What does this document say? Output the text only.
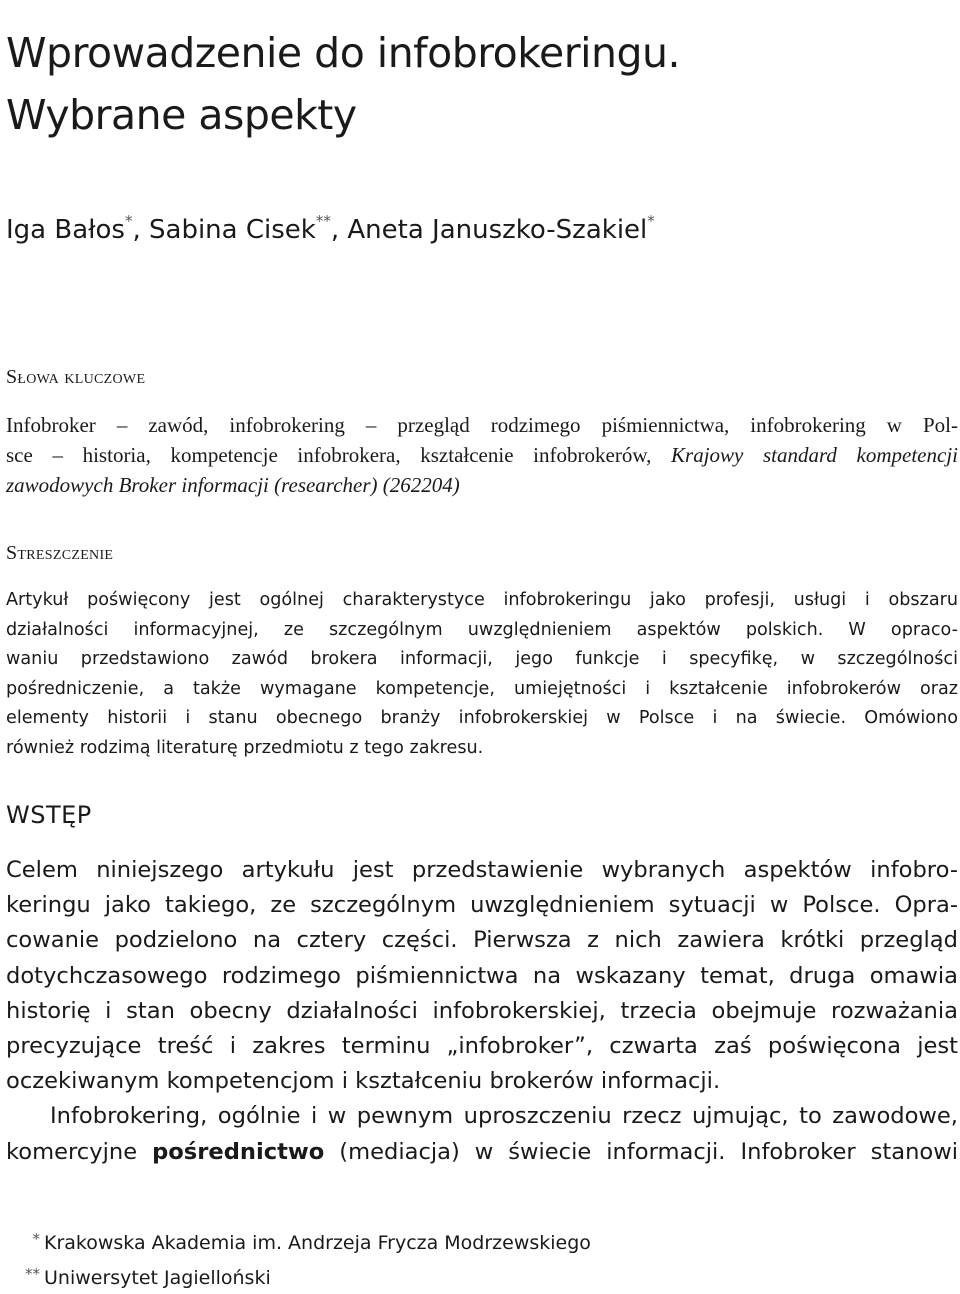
Wprowadzenie do infobrokeringu.
Wybrane aspekty
Iga Bałos*, Sabina Cisek**, Aneta Januszko-Szakiel*
Słowa kluczowe
Infobroker – zawód, infobrokering – przegląd rodzimego piśmiennictwa, infobrokering w Pol-
sce – historia, kompetencje infobrokera, kształcenie infobrokerów, Krajowy standard kompetencji
zawodowych Broker informacji (researcher) (262204)
Streszczenie
Artykuł poświęcony jest ogólnej charakterystyce infobrokeringu jako profesji, usługi i obszaru
działalności informacyjnej, ze szczególnym uwzględnieniem aspektów polskich. W opraco-
waniu przedstawiono zawód brokera informacji, jego funkcje i specyfikę, w szczególności
pośredniczenie, a także wymagane kompetencje, umiejętności i kształcenie infobrokerów oraz
elementy historii i stanu obecnego branży infobrokerskiej w Polsce i na świecie. Omówiono
również rodzimą literaturę przedmiotu z tego zakresu.
WSTĘP
Celem niniejszego artykułu jest przedstawienie wybranych aspektów infobro-
keringu jako takiego, ze szczególnym uwzględnieniem sytuacji w Polsce. Opra-
cowanie podzielono na cztery części. Pierwsza z nich zawiera krótki przegląd
dotychczasowego rodzimego piśmiennictwa na wskazany temat, druga omawia
historię i stan obecny działalności infobrokerskiej, trzecia obejmuje rozważania
precyzujące treść i zakres terminu „infobroker”, czwarta zaś poświęcona jest
oczekiwanym kompetencjom i kształceniu brokerów informacji.
Infobrokering, ogólnie i w pewnym uproszczeniu rzecz ujmując, to zawodowe,
komercyjne pośrednictwo (mediacja) w świecie informacji. Infobroker stanowi
* Krakowska Akademia im. Andrzeja Frycza Modrzewskiego
** Uniwersytet Jagielloński
